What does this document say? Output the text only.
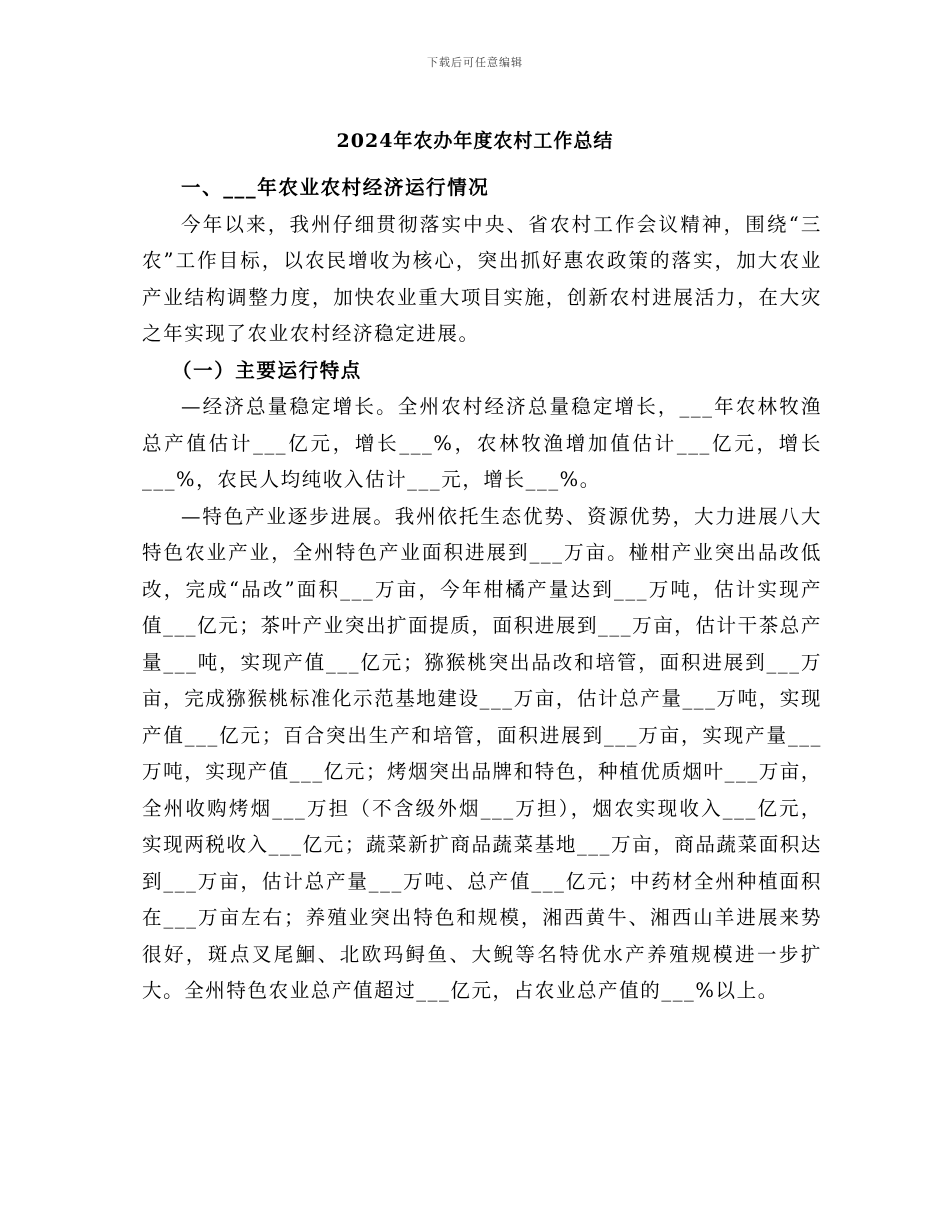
下载后可任意编辑
2024年农办年度农村工作总结

一、___年农业农村经济运行情况

今年以来，我州仔细贯彻落实中央、省农村工作会议精神，围绕“三农”工作目标，以农民增收为核心，突出抓好惠农政策的落实，加大农业产业结构调整力度，加快农业重大项目实施，创新农村进展活力，在大灾之年实现了农业农村经济稳定进展。

（一）主要运行特点

—经济总量稳定增长。全州农村经济总量稳定增长，___年农林牧渔总产值估计___亿元，增长___%，农林牧渔增加值估计___亿元，增长___%，农民人均纯收入估计___元，增长___%。

—特色产业逐步进展。我州依托生态优势、资源优势，大力进展八大特色农业产业，全州特色产业面积进展到___万亩。椪柑产业突出品改低改，完成“品改”面积___万亩，今年柑橘产量达到___万吨，估计实现产值___亿元；茶叶产业突出扩面提质，面积进展到___万亩，估计干茶总产量___吨，实现产值___亿元；猕猴桃突出品改和培管，面积进展到___万亩，完成猕猴桃标准化示范基地建设___万亩，估计总产量___万吨，实现产值___亿元；百合突出生产和培管，面积进展到___万亩，实现产量___万吨，实现产值___亿元；烤烟突出品牌和特色，种植优质烟叶___万亩，全州收购烤烟___万担（不含级外烟___万担），烟农实现收入___亿元，实现两税收入___亿元；蔬菜新扩商品蔬菜基地___万亩，商品蔬菜面积达到___万亩，估计总产量___万吨、总产值___亿元；中药材全州种植面积在___万亩左右；养殖业突出特色和规模，湘西黄牛、湘西山羊进展来势很好，斑点叉尾鮰、北欧玛鲟鱼、大鲵等名特优水产养殖规模进一步扩大。全州特色农业总产值超过___亿元，占农业总产值的___%以上。
